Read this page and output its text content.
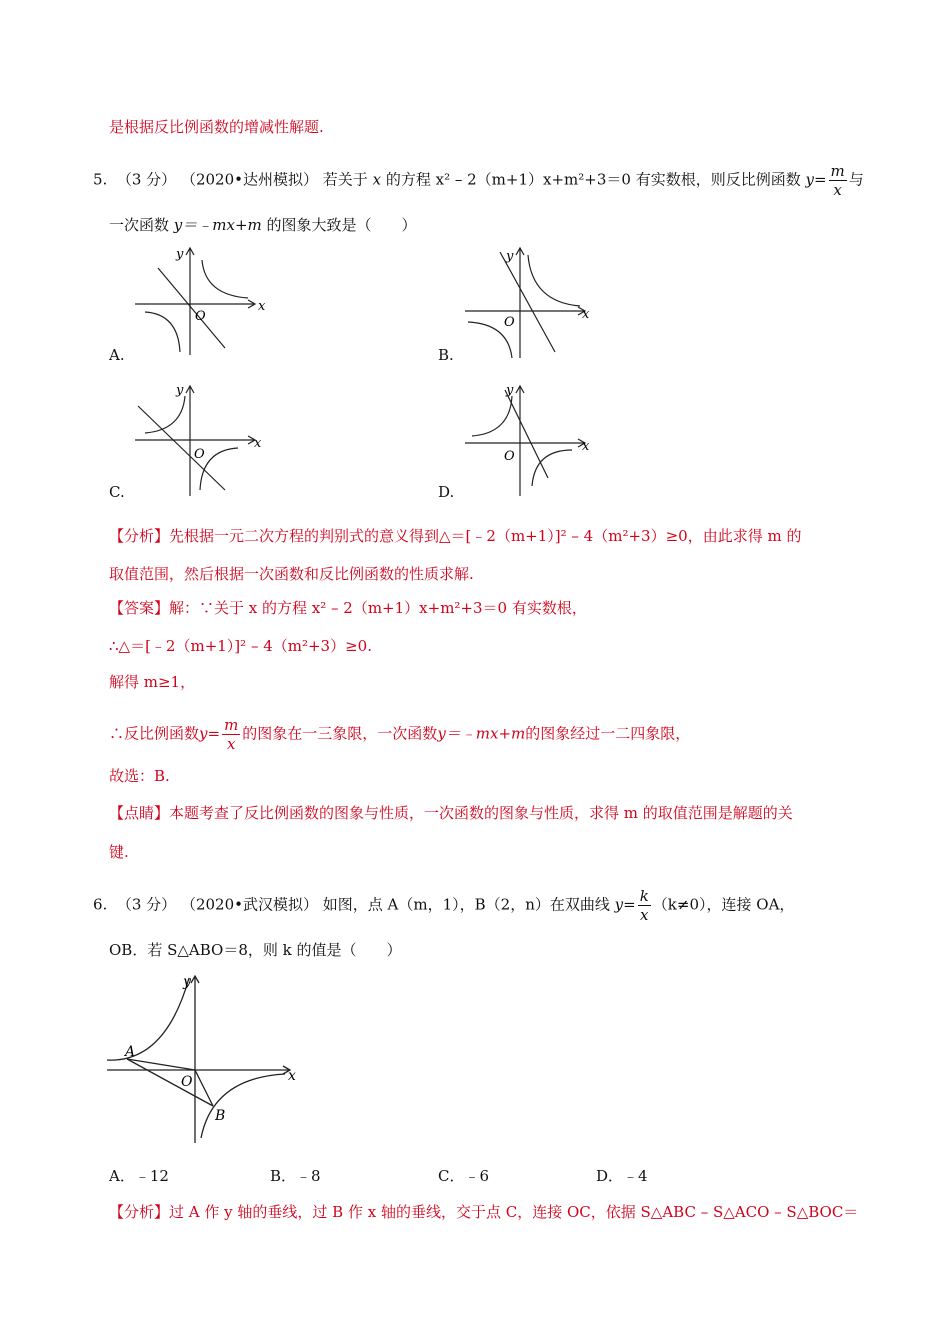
是根据反比例函数的增减性解题.
5. （3 分） （2020•达州模拟） 若关于 x 的方程 x² – 2（m+1）x+m²+3＝0 有实数根，则反比例函数 $y= \frac{m}{x}$ 与
一次函数 y＝﹣mx+m 的图象大致是（　　）
x
y
O
A.
x
y
O
B.
x
y
O
C.
x
y
O
D.
【分析】先根据一元二次方程的判别式的意义得到△＝[﹣2（m+1）]² – 4（m²+3）≥0，由此求得 m 的
取值范围，然后根据一次函数和反比例函数的性质求解.
【答案】解：∵关于 x 的方程 x² – 2（m+1）x+m²+3＝0 有实数根，
∴△＝[﹣2（m+1）]² – 4（m²+3）≥0.
解得 m≥1，
∴反比例函数$y= \frac{m}{x}$ 的图象在一三象限，一次函数y＝﹣mx+m的图象经过一二四象限，
故选：B.
【点睛】本题考查了反比例函数的图象与性质，一次函数的图象与性质，求得 m 的取值范围是解题的关
键.
6. （3 分） （2020•武汉模拟） 如图，点 A（m，1），B（2，n）在双曲线 $y= \frac{k}{x} (k\ne 0)$，连接 OA，
OB．若 S△ABO＝8，则 k 的值是（　　）
x
y
O
A
B
A．﹣12	B．﹣8	C．﹣6	D．﹣4
【分析】过 A 作 y 轴的垂线，过 B 作 x 轴的垂线，交于点 C，连接 OC，依据 S△ABC – S△ACO – S△BOC＝
